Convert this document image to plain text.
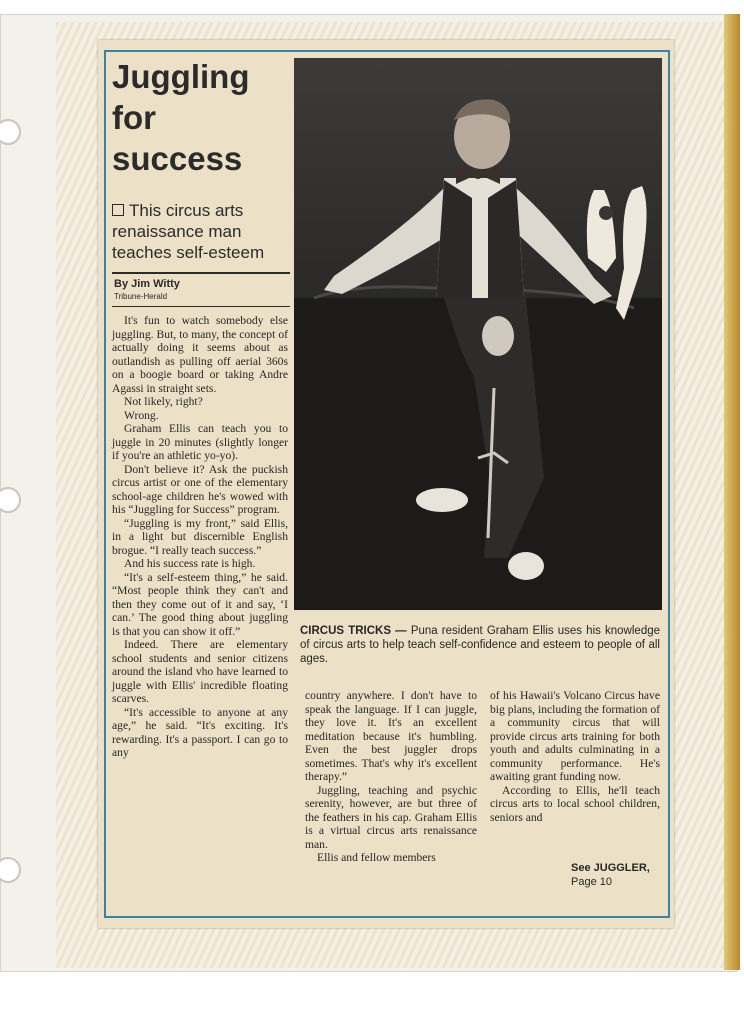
Juggling
for
success
This circus arts renaissance man teaches self-esteem
By Jim Witty
Tribune-Herald

It's fun to watch somebody else juggling. But, to many, the concept of actually doing it seems about as outlandish as pulling off aerial 360s on a boogie board or taking Andre Agassi in straight sets.

Not likely, right?

Wrong.

Graham Ellis can teach you to juggle in 20 minutes (slightly longer if you're an athletic yo-yo).

Don't believe it? Ask the puckish circus artist or one of the elementary school-age children he's wowed with his “Juggling for Success” program.

“Juggling is my front,” said Ellis, in a light but discernible English brogue. “I really teach success.”

And his success rate is high.

“It's a self-esteem thing,” he said. “Most people think they can't and then they come out of it and say, ‘I can.’ The good thing about juggling is that you can show it off.”

Indeed. There are elementary school students and senior citizens around the island vho have learned to juggle with Ellis' incredible floating scarves.

“It's accessible to anyone at any age,” he said. “It's exciting. It's rewarding. It's a passport. I can go to any

CIRCUS TRICKS — Puna resident Graham Ellis uses his knowledge of circus arts to help teach self-confidence and esteem to people of all ages.

country anywhere. I don't have to speak the language. If I can juggle, they love it. It's an excellent meditation because it's humbling. Even the best juggler drops sometimes. That's why it's excellent therapy.”

Juggling, teaching and psychic serenity, however, are but three of the feathers in his cap. Graham Ellis is a virtual circus arts renaissance man.

Ellis and fellow members

of his Hawaii's Volcano Circus have big plans, including the formation of a community circus that will provide circus arts training for both youth and adults culminating in a community performance. He's awaiting grant funding now.

According to Ellis, he'll teach circus arts to local school children, seniors and

See JUGGLER,
Page 10
